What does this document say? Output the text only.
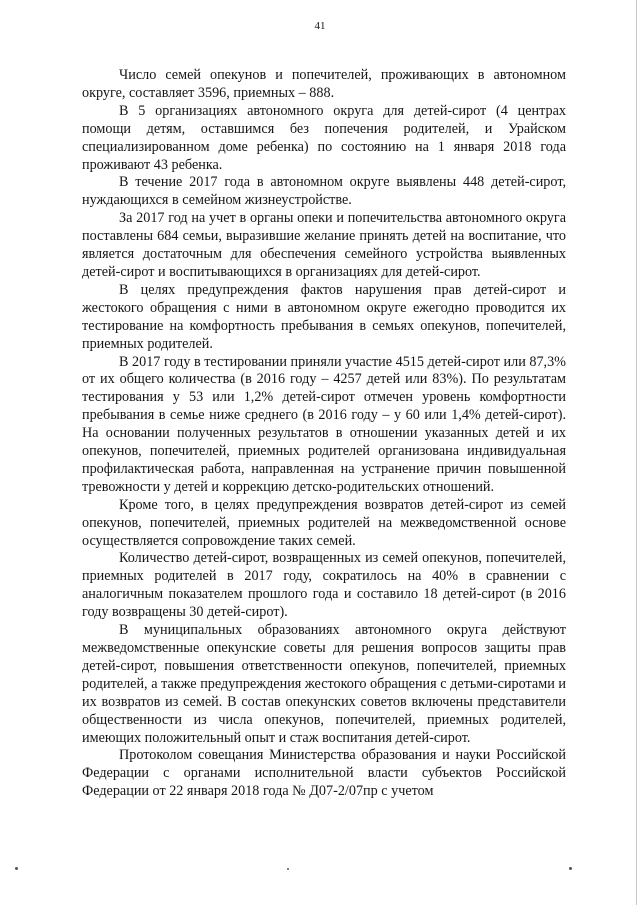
41

Число семей опекунов и попечителей, проживающих в автономном округе, составляет 3596, приемных – 888.

В 5 организациях автономного округа для детей-сирот (4 центрах помощи детям, оставшимся без попечения родителей, и Урайском специализированном доме ребенка) по состоянию на 1 января 2018 года проживают 43 ребенка.

В течение 2017 года в автономном округе выявлены 448 детей-сирот, нуждающихся в семейном жизнеустройстве.

За 2017 год на учет в органы опеки и попечительства автономного округа поставлены 684 семьи, выразившие желание принять детей на воспитание, что является достаточным для обеспечения семейного устройства выявленных детей-сирот и воспитывающихся в организациях для детей-сирот.

В целях предупреждения фактов нарушения прав детей-сирот и жестокого обращения с ними в автономном округе ежегодно проводится их тестирование на комфортность пребывания в семьях опекунов, попечителей, приемных родителей.

В 2017 году в тестировании приняли участие 4515 детей-сирот или 87,3% от их общего количества (в 2016 году – 4257 детей или 83%). По результатам тестирования у 53 или 1,2% детей-сирот отмечен уровень комфортности пребывания в семье ниже среднего (в 2016 году – у 60 или 1,4% детей-сирот). На основании полученных результатов в отношении указанных детей и их опекунов, попечителей, приемных родителей организована индивидуальная профилактическая работа, направленная на устранение причин повышенной тревожности у детей и коррекцию детско-родительских отношений.

Кроме того, в целях предупреждения возвратов детей-сирот из семей опекунов, попечителей, приемных родителей на межведомственной основе осуществляется сопровождение таких семей.

Количество детей-сирот, возвращенных из семей опекунов, попечителей, приемных родителей в 2017 году, сократилось на 40% в сравнении с аналогичным показателем прошлого года и составило 18 детей-сирот (в 2016 году возвращены 30 детей-сирот).

В муниципальных образованиях автономного округа действуют межведомственные опекунские советы для решения вопросов защиты прав детей-сирот, повышения ответственности опекунов, попечителей, приемных родителей, а также предупреждения жестокого обращения с детьми-сиротами и их возвратов из семей. В состав опекунских советов включены представители общественности из числа опекунов, попечителей, приемных родителей, имеющих положительный опыт и стаж воспитания детей-сирот.

Протоколом совещания Министерства образования и науки Российской Федерации с органами исполнительной власти субъектов Российской Федерации от 22 января 2018 года № Д07-2/07пр с учетом
